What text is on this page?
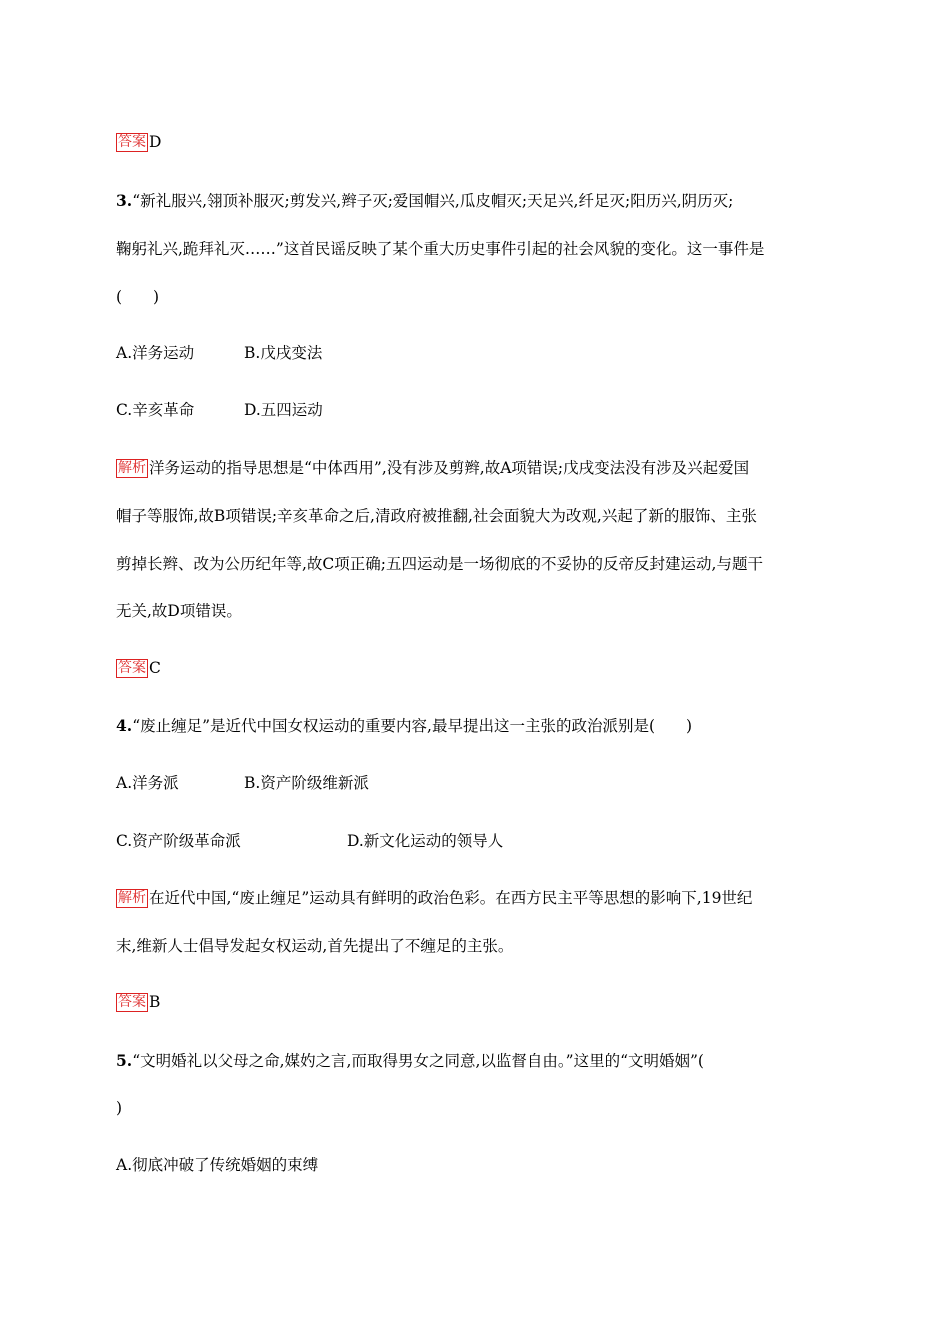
答案 D
3.“新礼服兴,翎顶补服灭;剪发兴,辫子灭;爱国帽兴,瓜皮帽灭;天足兴,纤足灭;阳历兴,阴历灭;
鞠躬礼兴,跪拜礼灭……”这首民谣反映了某个重大历史事件引起的社会风貌的变化。这一事件是
(　　)
A.洋务运动	B.戊戌变法
C.辛亥革命	D.五四运动
解析 洋务运动的指导思想是“中体西用”,没有涉及剪辫,故A项错误;戊戌变法没有涉及兴起爱国
帽子等服饰,故B项错误;辛亥革命之后,清政府被推翻,社会面貌大为改观,兴起了新的服饰、主张
剪掉长辫、改为公历纪年等,故C项正确;五四运动是一场彻底的不妥协的反帝反封建运动,与题干
无关,故D项错误。
答案 C
4.“废止缠足”是近代中国女权运动的重要内容,最早提出这一主张的政治派别是(　　)
A.洋务派	B.资产阶级维新派
C.资产阶级革命派	D.新文化运动的领导人
解析 在近代中国,“废止缠足”运动具有鲜明的政治色彩。在西方民主平等思想的影响下,19世纪
末,维新人士倡导发起女权运动,首先提出了不缠足的主张。
答案 B
5.“文明婚礼以父母之命,媒妁之言,而取得男女之同意,以监督自由。”这里的“文明婚姻”(
)
A.彻底冲破了传统婚姻的束缚
